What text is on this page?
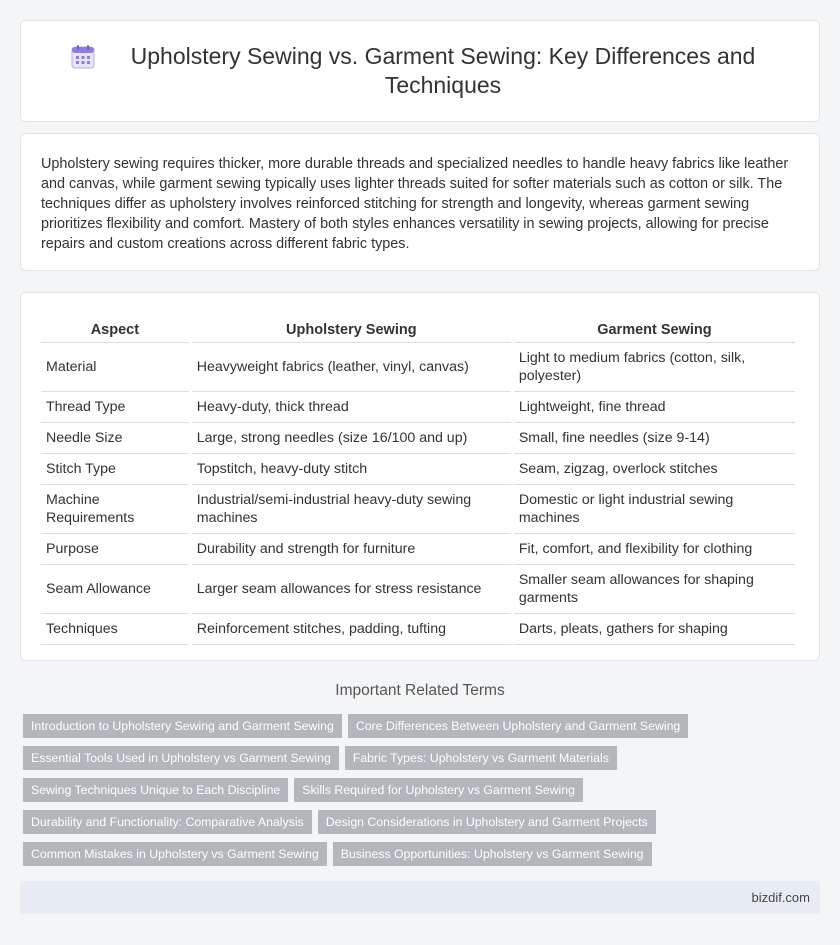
Upholstery Sewing vs. Garment Sewing: Key Differences and Techniques

Upholstery sewing requires thicker, more durable threads and specialized needles to handle heavy fabrics like leather and canvas, while garment sewing typically uses lighter threads suited for softer materials such as cotton or silk. The techniques differ as upholstery involves reinforced stitching for strength and longevity, whereas garment sewing prioritizes flexibility and comfort. Mastery of both styles enhances versatility in sewing projects, allowing for precise repairs and custom creations across different fabric types.

Aspect	Upholstery Sewing	Garment Sewing
Material	Heavyweight fabrics (leather, vinyl, canvas)	Light to medium fabrics (cotton, silk, polyester)
Thread Type	Heavy-duty, thick thread	Lightweight, fine thread
Needle Size	Large, strong needles (size 16/100 and up)	Small, fine needles (size 9-14)
Stitch Type	Topstitch, heavy-duty stitch	Seam, zigzag, overlock stitches
Machine Requirements	Industrial/semi-industrial heavy-duty sewing machines	Domestic or light industrial sewing machines
Purpose	Durability and strength for furniture	Fit, comfort, and flexibility for clothing
Seam Allowance	Larger seam allowances for stress resistance	Smaller seam allowances for shaping garments
Techniques	Reinforcement stitches, padding, tufting	Darts, pleats, gathers for shaping
Important Related Terms
Introduction to Upholstery Sewing and Garment Sewing	Core Differences Between Upholstery and Garment Sewing
Essential Tools Used in Upholstery vs Garment Sewing	Fabric Types: Upholstery vs Garment Materials
Sewing Techniques Unique to Each Discipline	Skills Required for Upholstery vs Garment Sewing
Durability and Functionality: Comparative Analysis	Design Considerations in Upholstery and Garment Projects
Common Mistakes in Upholstery vs Garment Sewing	Business Opportunities: Upholstery vs Garment Sewing
bizdif.com
